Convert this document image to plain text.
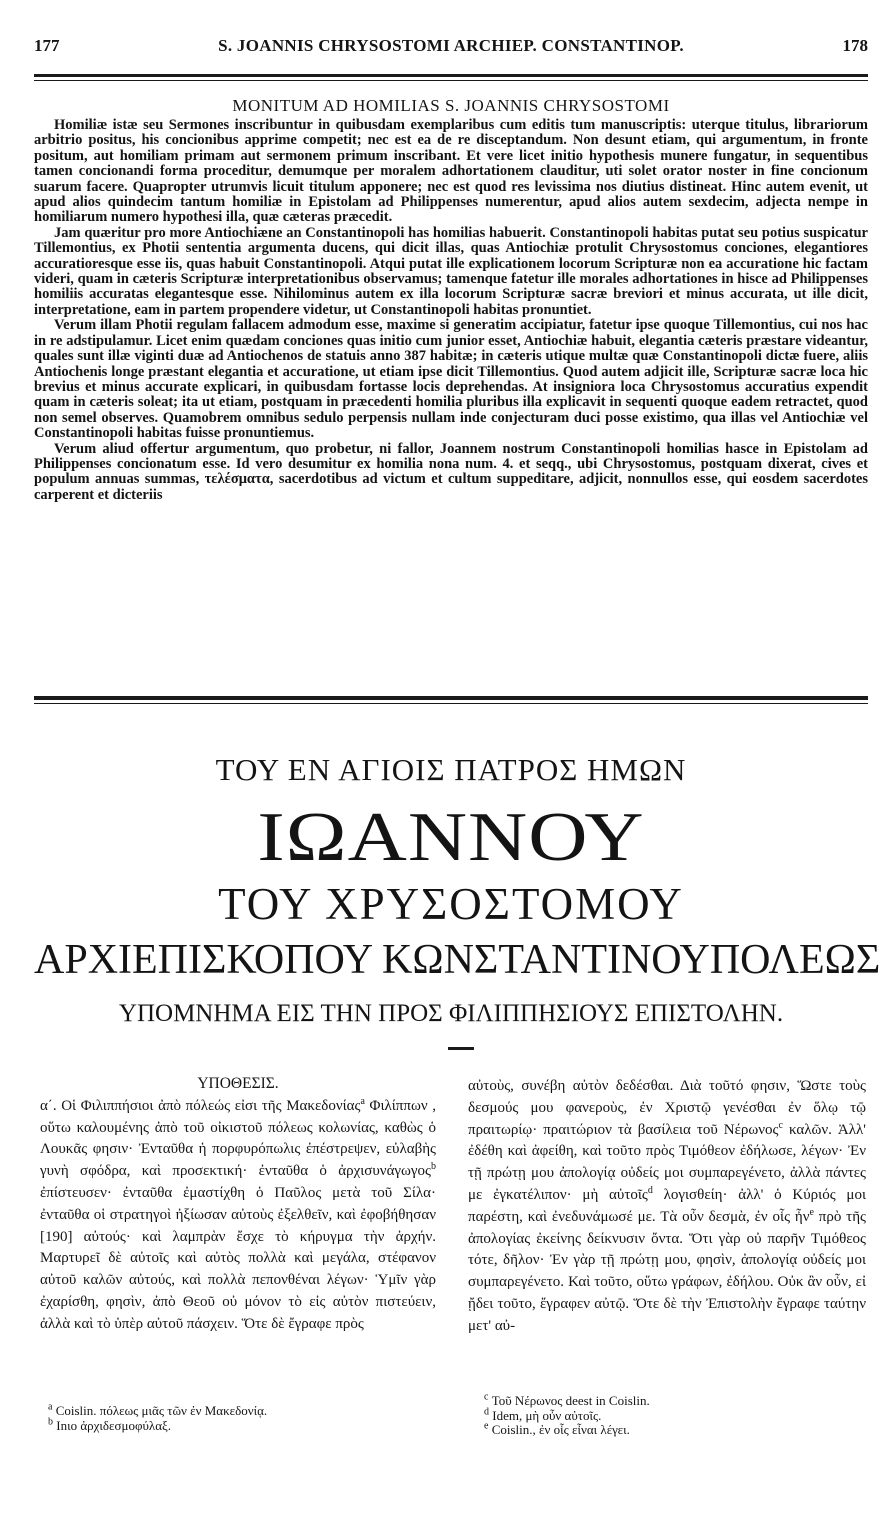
177	S. JOANNIS CHRYSOSTOMI ARCHIEP. CONSTANTINOP.	178
MONITUM AD HOMILIAS S. JOANNIS CHRYSOSTOMI

Homiliæ istæ seu Sermones inscribuntur in quibusdam exemplaribus cum editis tum manuscriptis: uterque titulus, librariorum arbitrio positus, his concionibus apprime competit; nec est ea de re disceptandum. Non desunt etiam, qui argumentum, in fronte positum, aut homiliam primam aut sermonem primum inscribant. Et vere licet initio hypothesis munere fungatur, in sequentibus tamen concionandi forma proceditur, demumque per moralem adhortationem clauditur, uti solet orator noster in fine concionum suarum facere. Quapropter utrumvis licuit titulum apponere; nec est quod res levissima nos diutius distineat. Hinc autem evenit, ut apud alios quindecim tantum homiliæ in Epistolam ad Philippenses numerentur, apud alios autem sexdecim, adjecta nempe in homiliarum numero hypothesi illa, quæ cæteras præcedit.

Jam quæritur pro more Antiochiæne an Constantinopoli has homilias habuerit. Constantinopoli habitas putat seu potius suspicatur Tillemontius, ex Photii sententia argumenta ducens, qui dicit illas, quas Antiochiæ protulit Chrysostomus conciones, elegantiores accuratioresque esse iis, quas habuit Constantinopoli. Atqui putat ille explicationem locorum Scripturæ non ea accuratione hic factam videri, quam in cæteris Scripturæ interpretationibus observamus; tamenque fatetur ille morales adhortationes in hisce ad Philippenses homiliis accuratas elegantesque esse. Nihilominus autem ex illa locorum Scripturæ sacræ breviori et minus accurata, ut ille dicit, interpretatione, eam in partem propendere videtur, ut Constantinopoli habitas pronuntiet.

Verum illam Photii regulam fallacem admodum esse, maxime si generatim accipiatur, fatetur ipse quoque Tillemontius, cui nos hac in re adstipulamur. Licet enim quædam conciones quas initio cum junior esset, Antiochiæ habuit, elegantia cæteris præstare videantur, quales sunt illæ viginti duæ ad Antiochenos de statuis anno 387 habitæ; in cæteris utique multæ quæ Constantinopoli dictæ fuere, aliis Antiochenis longe præstant elegantia et accuratione, ut etiam ipse dicit Tillemontius. Quod autem adjicit ille, Scripturæ sacræ loca hic brevius et minus accurate explicari, in quibusdam fortasse locis deprehendas. At insigniora loca Chrysostomus accuratius expendit quam in cæteris soleat; ita ut etiam, postquam in præcedenti homilia pluribus illa explicavit in sequenti quoque eadem retractet, quod non semel observes. Quamobrem omnibus sedulo perpensis nullam inde conjecturam duci posse existimo, qua illas vel Antiochiæ vel Constantinopoli habitas fuisse pronuntiemus.

Verum aliud offertur argumentum, quo probetur, ni fallor, Joannem nostrum Constantinopoli homilias hasce in Epistolam ad Philippenses concionatum esse. Id vero desumitur ex homilia nona num. 4. et seqq., ubi Chrysostomus, postquam dixerat, cives et populum annuas summas, τελέσματα, sacerdotibus ad victum et cultum suppeditare, adjicit, nonnullos esse, qui eosdem sacerdotes carperent et dicteriis

ΤΟΥ ΕΝ ΑΓΙΟΙΣ ΠΑΤΡΟΣ ΗΜΩΝ
ΙΩΑΝΝΟΥ
ΤΟΥ ΧΡΥΣΟΣΤΟΜΟΥ
ΑΡΧΙΕΠΙΣΚΟΠΟΥ ΚΩΝΣΤΑΝΤΙΝΟΥΠΟΛΕΩΣ
ΥΠΟΜΝΗΜΑ ΕΙΣ ΤΗΝ ΠΡΟΣ ΦΙΛΙΠΠΗΣΙΟΥΣ ΕΠΙΣΤΟΛΗΝ.
ΥΠΟΘΕΣΙΣ.

α΄. Οἱ Φιλιππήσιοι ἀπὸ πόλεώς εἰσι τῆς Μακεδονίας$^a$ Φιλίππων , οὕτω καλουμένης ἀπὸ τοῦ οἰκιστοῦ πόλεως κολωνίας, καθὼς ὁ Λουκᾶς φησιν· Ἐνταῦθα ἡ πορφυρόπωλις ἐπέστρεψεν, εὐλαβὴς γυνὴ σφόδρα, καὶ προσεκτική· ἐνταῦθα ὁ ἀρχισυνάγωγος$^b$ ἐπίστευσεν· ἐνταῦθα ἐμαστίχθη ὁ Παῦλος μετὰ τοῦ Σίλα· ἐνταῦθα οἱ στρατηγοὶ ἠξίωσαν αὐτοὺς ἐξελθεῖν, καὶ ἐφοβήθησαν [190] αὐτούς· καὶ λαμπρὰν ἔσχε τὸ κήρυγμα τὴν ἀρχήν. Μαρτυρεῖ δὲ αὐτοῖς καὶ αὐτὸς πολλὰ καὶ μεγάλα, στέφανον αὐτοῦ καλῶν αὐτούς, καὶ πολλὰ πεπονθέναι λέγων· Ὑμῖν γὰρ ἐχαρίσθη, φησὶν, ἀπὸ Θεοῦ οὐ μόνον τὸ εἰς αὐτὸν πιστεύειν, ἀλλὰ καὶ τὸ ὑπὲρ αὐτοῦ πάσχειν. Ὅτε δὲ ἔγραφε πρὸς

αὐτοὺς, συνέβη αὐτὸν δεδέσθαι. Διὰ τοῦτό φησιν, Ὥστε τοὺς δεσμούς μου φανεροὺς, ἐν Χριστῷ γενέσθαι ἐν ὅλῳ τῷ πραιτωρίῳ· πραιτώριον τὰ βασίλεια τοῦ Νέρωνος$^c$ καλῶν. Ἀλλ' ἐδέθη καὶ ἀφείθη, καὶ τοῦτο πρὸς Τιμόθεον ἐδήλωσε, λέγων· Ἐν τῇ πρώτῃ μου ἀπολογίᾳ οὐδείς μοι συμπαρεγένετο, ἀλλὰ πάντες με ἐγκατέλιπον· μὴ αὐτοῖς$^d$ λογισθείη· ἀλλ' ὁ Κύριός μοι παρέστη, καὶ ἐνεδυνάμωσέ με. Τὰ οὖν δεσμὰ, ἐν οἷς ἦν$^e$ πρὸ τῆς ἀπολογίας ἐκείνης δείκνυσιν ὄντα. Ὅτι γὰρ οὐ παρῆν Τιμόθεος τότε, δῆλον· Ἐν γὰρ τῇ πρώτῃ μου, φησὶν, ἀπολογίᾳ οὐδείς μοι συμπαρεγένετο. Καὶ τοῦτο, οὕτω γράφων, ἐδήλου. Οὐκ ἂν οὖν, εἰ ᾔδει τοῦτο, ἔγραφεν αὐτῷ. Ὅτε δὲ τὴν Ἐπιστολὴν ἔγραφε ταύτην μετ' αὐ-

$^a$ Coislin. πόλεως μιᾶς τῶν ἐν Μακεδονίᾳ.
$^b$ Ιnιο ἀρχιδεσμοφύλαξ.
$^c$ Τοῦ Νέρωνος deest in Coislin.
$^d$ Idem, μὴ οὖν αὐτοῖς.
$^e$ Coislin., ἐν οἷς εἶναι λέγει.
